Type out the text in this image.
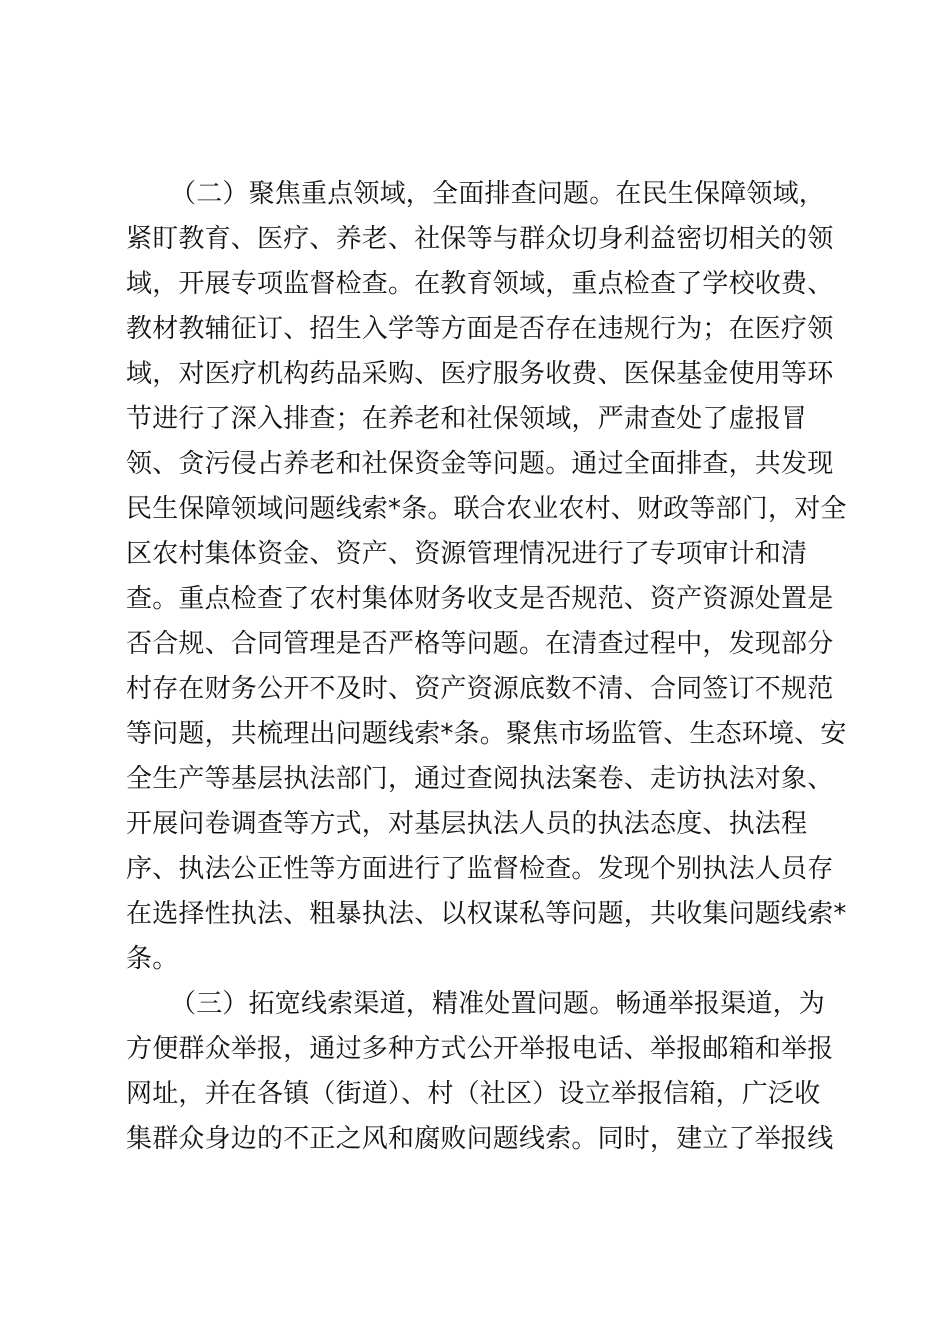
（二）聚焦重点领域，全面排查问题。在民生保障领域，
紧盯教育、医疗、养老、社保等与群众切身利益密切相关的领
域，开展专项监督检查。在教育领域，重点检查了学校收费、
教材教辅征订、招生入学等方面是否存在违规行为；在医疗领
域，对医疗机构药品采购、医疗服务收费、医保基金使用等环
节进行了深入排查；在养老和社保领域，严肃查处了虚报冒
领、贪污侵占养老和社保资金等问题。通过全面排查，共发现
民生保障领域问题线索*条。联合农业农村、财政等部门，对全
区农村集体资金、资产、资源管理情况进行了专项审计和清
查。重点检查了农村集体财务收支是否规范、资产资源处置是
否合规、合同管理是否严格等问题。在清查过程中，发现部分
村存在财务公开不及时、资产资源底数不清、合同签订不规范
等问题，共梳理出问题线索*条。聚焦市场监管、生态环境、安
全生产等基层执法部门，通过查阅执法案卷、走访执法对象、
开展问卷调查等方式，对基层执法人员的执法态度、执法程
序、执法公正性等方面进行了监督检查。发现个别执法人员存
在选择性执法、粗暴执法、以权谋私等问题，共收集问题线索*
条。
（三）拓宽线索渠道，精准处置问题。畅通举报渠道，为
方便群众举报，通过多种方式公开举报电话、举报邮箱和举报
网址，并在各镇（街道）、村（社区）设立举报信箱，广泛收
集群众身边的不正之风和腐败问题线索。同时，建立了举报线
